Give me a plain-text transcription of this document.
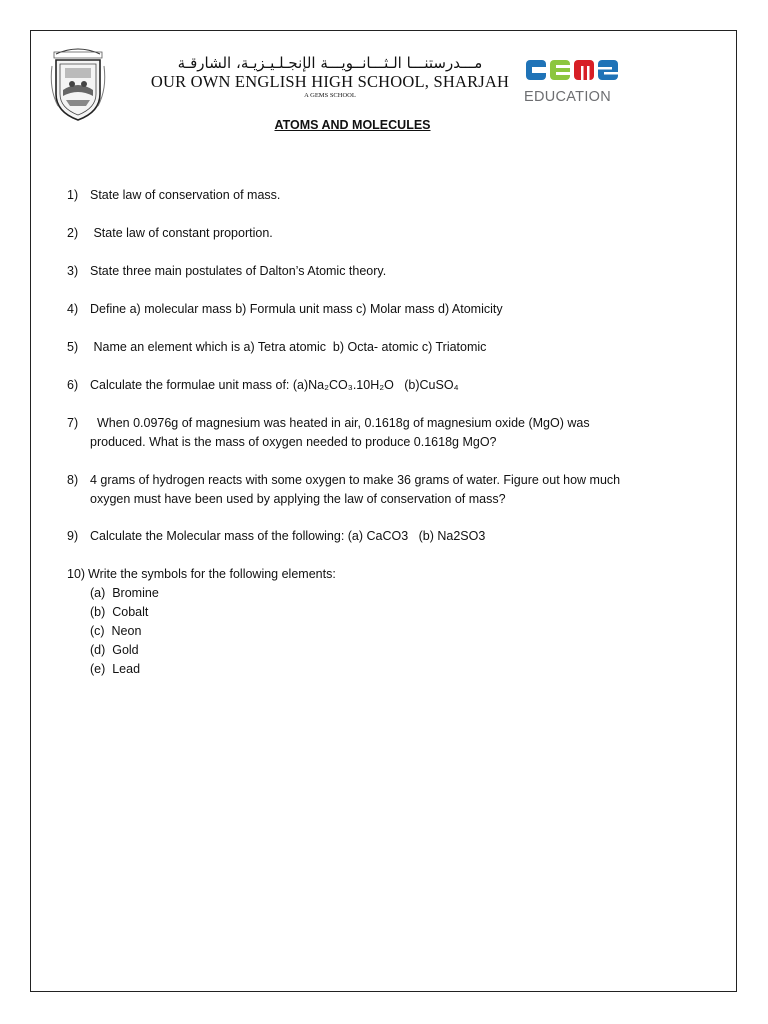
مـــدرستنـــا الـثـــانــويـــة الإنجـلـيـزيـة، الشارقـة
OUR OWN ENGLISH HIGH SCHOOL, SHARJAH
A GEMS SCHOOL	EDUCATION
ATOMS AND MOLECULES
1) State law of conservation of mass.
2) State law of constant proportion.
3) State three main postulates of Dalton’s Atomic theory.
4) Define a) molecular mass b) Formula unit mass c) Molar mass d) Atomicity
5) Name an element which is a) Tetra atomic  b) Octa- atomic c) Triatomic
6) Calculate the formulae unit mass of: (a)Na₂CO₃.10H₂O   (b)CuSO₄
7) When 0.0976g of magnesium was heated in air, 0.1618g of magnesium oxide (MgO) was
produced. What is the mass of oxygen needed to produce 0.1618g MgO?
8) 4 grams of hydrogen reacts with some oxygen to make 36 grams of water. Figure out how much
oxygen must have been used by applying the law of conservation of mass?
9) Calculate the Molecular mass of the following: (a) CaCO3   (b) Na2SO3
10) Write the symbols for the following elements:
(a)  Bromine
(b)  Cobalt
(c)  Neon
(d)  Gold
(e)  Lead
